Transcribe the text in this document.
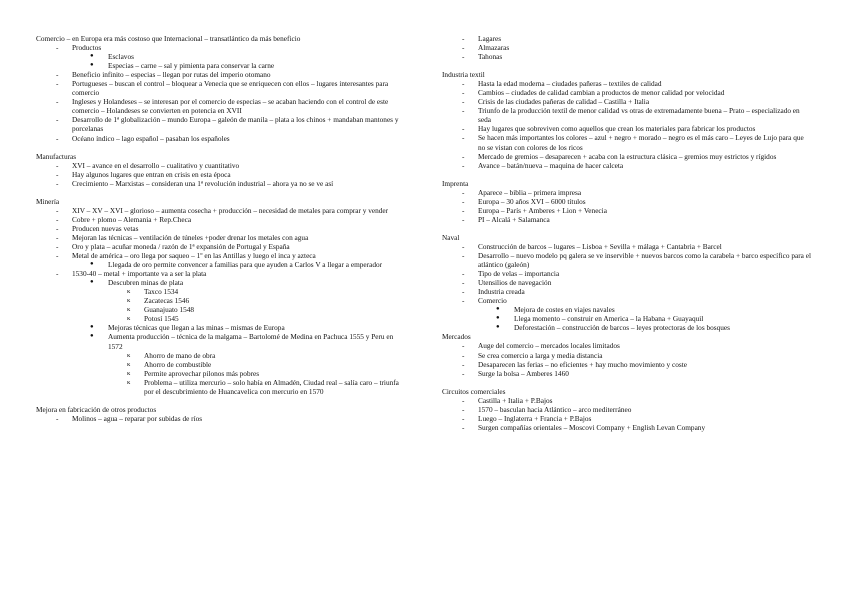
Comercio – en Europa era más costoso que Internacional – transatlántico da más beneficio
- Productos
● Esclavos
● Especias – carne – sal y pimienta para conservar la carne
- Beneficio infinito – especias – llegan por rutas del imperio otomano
- Portugueses – buscan el control – bloquear a Venecia que se enriquecen con ellos – lugares interesantes para comercio
- Ingleses y Holandeses – se interesan por el comercio de especias – se acaban haciendo con el control de este comercio – Holandeses se convierten en potencia en XVII
- Desarrollo de 1ª globalización – mundo Europa – galeón de manila – plata a los chinos + mandaban mantones y porcelanas
- Océano índico – lago español – pasaban los españoles
Manufacturas
- XVI – avance en el desarrollo – cualitativo y cuantitativo
- Hay algunos lugares que entran en crisis en esta época
- Crecimiento – Marxistas – consideran una 1ª revolución industrial – ahora ya no se ve así
Minería
- XIV – XV – XVI – glorioso – aumenta cosecha + producción – necesidad de metales para comprar y vender
- Cobre + plomo – Alemania + Rep.Checa
- Producen nuevas vetas
- Mejoran las técnicas – ventilación de túneles +poder drenar los metales con agua
- Oro y plata – acuñar moneda / razón de 1ª expansión de Portugal y España
- Metal de américa – oro llega por saqueo – 1º en las Antillas y luego el inca y azteca
● Llegada de oro permite convencer a familias para que ayuden a Carlos V a llegar a emperador
- 1530-40 – metal + importante va a ser la plata
● Descubren minas de plata
ĸ Taxco 1534
ĸ Zacatecas 1546
ĸ Guanajuato 1548
ĸ Potosí 1545
● Mejoras técnicas que llegan a las minas – mismas de Europa
● Aumenta producción – técnica de la malgama – Bartolomé de Medina en Pachuca 1555 y Peru en 1572
ĸ Ahorro de mano de obra
ĸ Ahorro de combustible
ĸ Permite aprovechar pilonos más pobres
ĸ Problema – utiliza mercurio – solo había en Almadén, Ciudad real – salía caro – triunfa por el descubrimiento de Huancavelica con mercurio en 1570
Mejora en fabricación de otros productos
- Molinos – agua – reparar por subidas de ríos
- Lagares
- Almazaras
- Tahonas
Industria textil
- Hasta la edad moderna – ciudades pañeras – textiles de calidad
- Cambios – ciudades de calidad cambian a productos de menor calidad por velocidad
- Crisis de las ciudades pañeras de calidad – Castilla + Italia
- Triunfo de la producción textil de menor calidad vs otras de extremadamente buena – Prato – especializado en seda
- Hay lugares que sobreviven como aquellos que crean los materiales para fabricar los productos
- Se hacen más importantes los colores – azul + negro + morado – negro es el más caro – Leyes de Lujo para que no se vistan con colores de los ricos
- Mercado de gremios – desaparecen + acaba con la estructura clásica – gremios muy estrictos y rígidos
- Avance – batán/nueva – maquina de hacer calceta
Imprenta
- Aparece – biblia – primera impresa
- Europa – 30 años XVI – 6000 títulos
- Europa – París + Amberes + Lion + Venecia
- PI – Alcalá + Salamanca
Naval
- Construcción de barcos – lugares – Lisboa + Sevilla + málaga + Cantabria + Barcel
- Desarrollo – nuevo modelo pq galera se ve inservible + nuevos barcos como la carabela + barco específico para el atlántico (galeón)
- Tipo de velas – importancia
- Utensilios de navegación
- Industria creada
- Comercio
● Mejora de costes en viajes navales
● Llega momento – construir en America – la Habana + Guayaquil
● Deforestación – construcción de barcos – leyes protectoras de los bosques
Mercados
- Auge del comercio – mercados locales limitados
- Se crea comercio a larga y media distancia
- Desaparecen las ferias – no eficientes + hay mucho movimiento y coste
- Surge la bolsa – Amberes 1460
Circuitos comerciales
- Castilla + Italia + P.Bajos
- 1570 – basculan hacia Atlántico – arco mediterráneo
- Luego – Inglaterra + Francia + P.Bajos
- Surgen compañías orientales – Moscovi Company + English Levan Company
